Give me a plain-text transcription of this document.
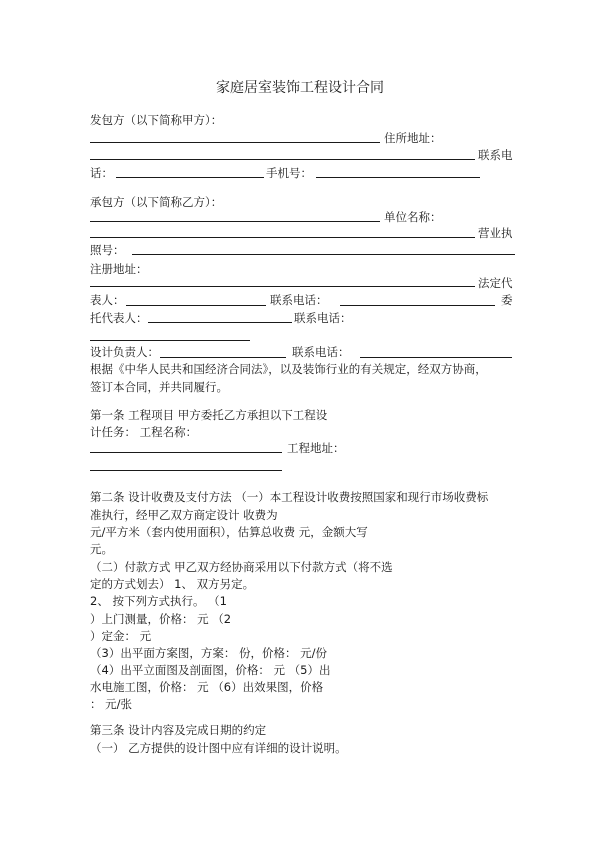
家庭居室装饰工程设计合同
发包方（以下简称甲方）：
住所地址：
联系电
话：	手机号：
承包方（以下简称乙方）：
单位名称：
营业执
照号：
注册地址：
法定代
表人：	联系电话：	委
托代表人：	联系电话：
设计负责人：	联系电话：
根据《中华人民共和国经济合同法》，以及装饰行业的有关规定，经双方协商，
签订本合同，并共同履行。
第一条 工程项目 甲方委托乙方承担以下工程设
计任务： 工程名称：
工程地址：
第二条 设计收费及支付方法 （一）本工程设计收费按照国家和现行市场收费标
准执行，经甲乙双方商定设计 收费为
元/平方米（套内使用面积），估算总收费 元，金额大写
元。
（二）付款方式 甲乙双方经协商采用以下付款方式（将不选
定的方式划去） 1、 双方另定。
2、 按下列方式执行。 （1
）上门测量，价格： 元 （2
）定金： 元
（3）出平面方案图，方案： 份，价格： 元/份
（4）出平立面图及剖面图，价格： 元 （5）出
水电施工图，价格： 元 （6）出效果图，价格
： 元/张
第三条 设计内容及完成日期的约定
（一） 乙方提供的设计图中应有详细的设计说明。
